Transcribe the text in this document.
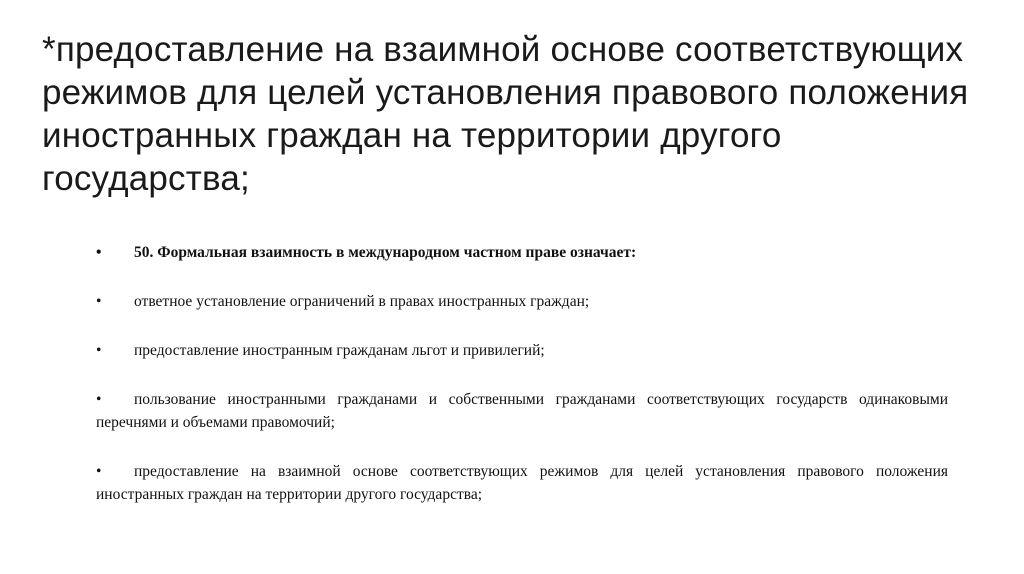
*предоставление на взаимной основе соответствующих режимов для целей установления правового положения иностранных граждан на территории другого государства;
• 50. Формальная взаимность в международном частном праве означает:
• ответное установление ограничений в правах иностранных граждан;
• предоставление иностранным гражданам льгот и привилегий;
• пользование иностранными гражданами и собственными гражданами соответствующих государств одинаковыми перечнями и объемами правомочий;
• предоставление на взаимной основе соответствующих режимов для целей установления правового положения иностранных граждан на территории другого государства;
